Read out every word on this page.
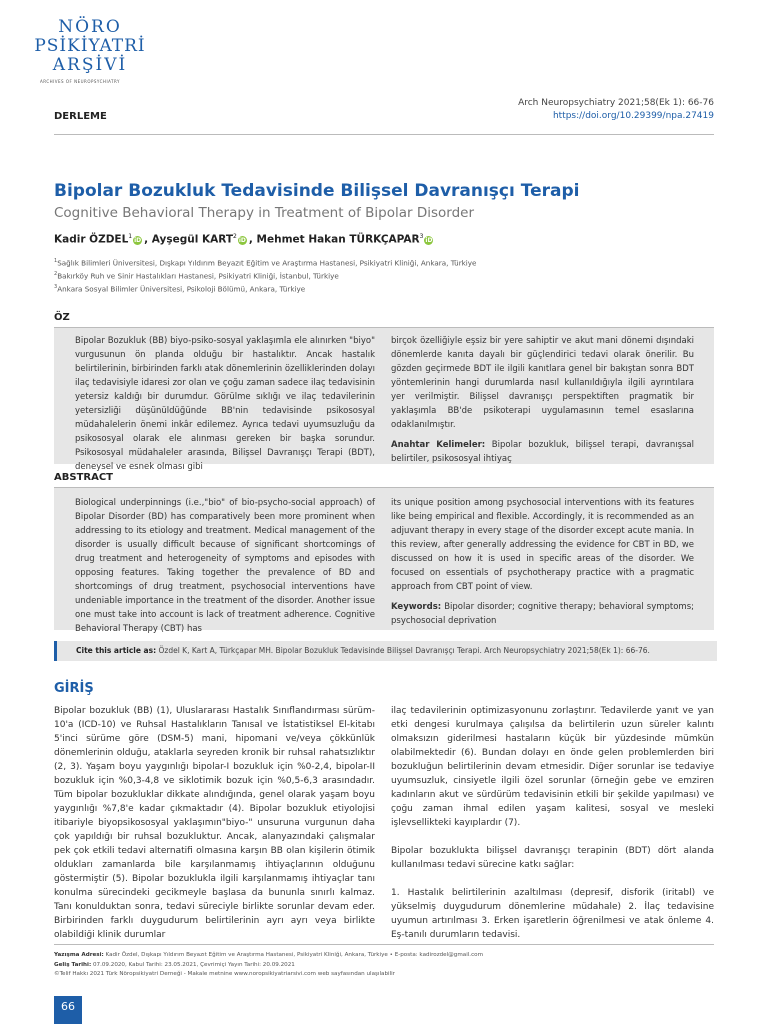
NÖRO
PSİKİYATRİ
ARŞİVİ
ARCHIVES OF NEUROPSYCHIATRY
Arch Neuropsychiatry 2021;58(Ek 1): 66-76
https://doi.org/10.29399/npa.27419
DERLEME
Bipolar Bozukluk Tedavisinde Bilişsel Davranışçı Terapi
Cognitive Behavioral Therapy in Treatment of Bipolar Disorder
Kadir ÖZDEL$^1$ iD , Ayşegül KART$^2$ iD , Mehmet Hakan TÜRKÇAPAR$^3$ iD
$^1$Sağlık Bilimleri Üniversitesi, Dışkapı Yıldırım Beyazıt Eğitim ve Araştırma Hastanesi, Psikiyatri Kliniği, Ankara, Türkiye
$^2$Bakırköy Ruh ve Sinir Hastalıkları Hastanesi, Psikiyatri Kliniği, İstanbul, Türkiye
$^3$Ankara Sosyal Bilimler Üniversitesi, Psikoloji Bölümü, Ankara, Türkiye
ÖZ
Bipolar Bozukluk (BB) biyo-psiko-sosyal yaklaşımla ele alınırken "biyo" vurgusunun ön planda olduğu bir hastalıktır. Ancak hastalık belirtilerinin, birbirinden farklı atak dönemlerinin özelliklerinden dolayı ilaç tedavisiyle idaresi zor olan ve çoğu zaman sadece ilaç tedavisinin yetersiz kaldığı bir durumdur. Görülme sıklığı ve ilaç tedavilerinin yetersizliği düşünüldüğünde BB'nin tedavisinde psikososyal müdahalelerin önemi inkâr edilemez. Ayrıca tedavi uyumsuzluğu da psikososyal olarak ele alınması gereken bir başka sorundur. Psikososyal müdahaleler arasında, Bilişsel Davranışçı Terapi (BDT), deneysel ve esnek olması gibi
birçok özelliğiyle eşsiz bir yere sahiptir ve akut mani dönemi dışındaki dönemlerde kanıta dayalı bir güçlendirici tedavi olarak önerilir. Bu gözden geçirmede BDT ile ilgili kanıtlara genel bir bakıştan sonra BDT yöntemlerinin hangi durumlarda nasıl kullanıldığıyla ilgili ayrıntılara yer verilmiştir. Bilişsel davranışçı perspektiften pragmatik bir yaklaşımla BB'de psikoterapi uygulamasının temel esaslarına odaklanılmıştır.
Anahtar Kelimeler: Bipolar bozukluk, bilişsel terapi, davranışsal belirtiler, psikososyal ihtiyaç
ABSTRACT
Biological underpinnings (i.e.,"bio" of bio-psycho-social approach) of Bipolar Disorder (BD) has comparatively been more prominent when addressing to its etiology and treatment. Medical management of the disorder is usually difficult because of significant shortcomings of drug treatment and heterogeneity of symptoms and episodes with opposing features. Taking together the prevalence of BD and shortcomings of drug treatment, psychosocial interventions have undeniable importance in the treatment of the disorder. Another issue one must take into account is lack of treatment adherence. Cognitive Behavioral Therapy (CBT) has
its unique position among psychosocial interventions with its features like being empirical and flexible. Accordingly, it is recommended as an adjuvant therapy in every stage of the disorder except acute mania. In this review, after generally addressing the evidence for CBT in BD, we discussed on how it is used in specific areas of the disorder. We focused on essentials of psychotherapy practice with a pragmatic approach from CBT point of view.
Keywords: Bipolar disorder; cognitive therapy; behavioral symptoms; psychosocial deprivation
Cite this article as: Özdel K, Kart A, Türkçapar MH. Bipolar Bozukluk Tedavisinde Bilişsel Davranışçı Terapi. Arch Neuropsychiatry 2021;58(Ek 1): 66-76.
GİRİŞ
Bipolar bozukluk (BB) (1), Uluslararası Hastalık Sınıflandırması sürüm-10'a (ICD-10) ve Ruhsal Hastalıkların Tanısal ve İstatistiksel El-kitabı 5'inci sürüme göre (DSM-5) mani, hipomani ve/veya çökkünlük dönemlerinin olduğu, ataklarla seyreden kronik bir ruhsal rahatsızlıktır (2, 3). Yaşam boyu yaygınlığı bipolar-I bozukluk için %0-2,4, bipolar-II bozukluk için %0,3-4,8 ve siklotimik bozuk için %0,5-6,3 arasındadır. Tüm bipolar bozukluklar dikkate alındığında, genel olarak yaşam boyu yaygınlığı %7,8'e kadar çıkmaktadır (4). Bipolar bozukluk etiyolojisi itibariyle biyopsikososyal yaklaşımın"biyo-" unsuruna vurgunun daha çok yapıldığı bir ruhsal bozukluktur. Ancak, alanyazındaki çalışmalar pek çok etkili tedavi alternatifi olmasına karşın BB olan kişilerin ötimik oldukları zamanlarda bile karşılanmamış ihtiyaçlarının olduğunu göstermiştir (5). Bipolar bozuklukla ilgili karşılanmamış ihtiyaçlar tanı konulma sürecindeki gecikmeyle başlasa da bununla sınırlı kalmaz. Tanı konulduktan sonra, tedavi süreciyle birlikte sorunlar devam eder. Birbirinden farklı duygudurum belirtilerinin ayrı ayrı veya birlikte olabildiği klinik durumlar
ilaç tedavilerinin optimizasyonunu zorlaştırır. Tedavilerde yanıt ve yan etki dengesi kurulmaya çalışılsa da belirtilerin uzun süreler kalıntı olmaksızın giderilmesi hastaların küçük bir yüzdesinde mümkün olabilmektedir (6). Bundan dolayı en önde gelen problemlerden biri bozukluğun belirtilerinin devam etmesidir. Diğer sorunlar ise tedaviye uyumsuzluk, cinsiyetle ilgili özel sorunlar (örneğin gebe ve emziren kadınların akut ve sürdürüm tedavisinin etkili bir şekilde yapılması) ve çoğu zaman ihmal edilen yaşam kalitesi, sosyal ve mesleki işlevsellikteki kayıplardır (7).
Bipolar bozuklukta bilişsel davranışçı terapinin (BDT) dört alanda kullanılması tedavi sürecine katkı sağlar:
1. Hastalık belirtilerinin azaltılması (depresif, disforik (iritabl) ve yükselmiş duygudurum dönemlerine müdahale) 2. İlaç tedavisine uyumun artırılması 3. Erken işaretlerin öğrenilmesi ve atak önleme 4. Eş-tanılı durumların tedavisi.
Yazışma Adresi: Kadir Özdel, Dışkapı Yıldırım Beyazıt Eğitim ve Araştırma Hastanesi, Psikiyatri Kliniği, Ankara, Türkiye • E-posta: kadirozdel@gmail.com
Geliş Tarihi: 07.09.2020, Kabul Tarihi: 23.05.2021, Çevrimiçi Yayın Tarihi: 20.09.2021
©Telif Hakkı 2021 Türk Nöropsikiyatri Derneği - Makale metnine www.noropsikiyatriarsivi.com web sayfasından ulaşılabilir
66
